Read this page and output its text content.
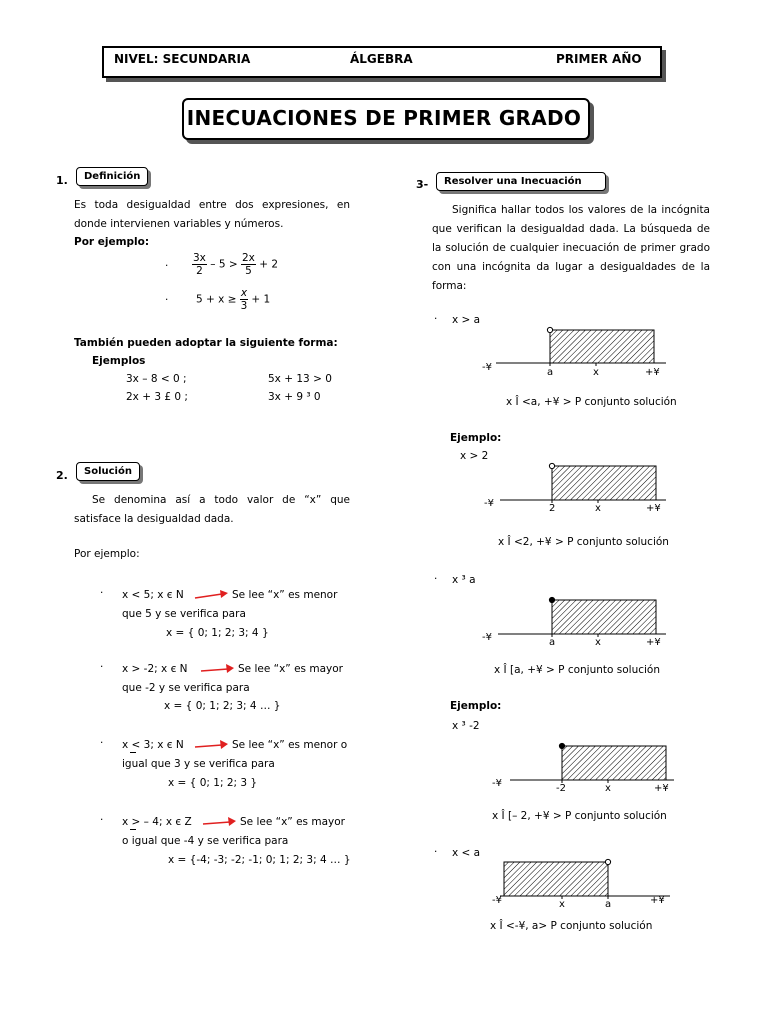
NIVEL: SECUNDARIA	ÁLGEBRA	PRIMER AÑO
INECUACIONES DE PRIMER GRADO
1.	Definición
Es toda desigualdad entre dos expresiones, en donde intervienen variables y números.
Por ejemplo:
· $\frac{3x}{2} - 5 > \frac{2x}{5} + 2$
·	$5 + x \ge \frac{x}{3} + 1$
También pueden adoptar la siguiente forma:
Ejemplos
3x – 8 < 0 ;	5x + 13 > 0
2x + 3 £ 0 ;	3x + 9 ³ 0
2.	Solución
Se denomina así a todo valor de “x” que satisface la desigualdad dada.
Por ejemplo:
· x < 5; x є N	Se lee “x” es menor
que 5 y se verifica para
x = { 0; 1; 2; 3; 4 }
· x > -2; x є N	Se lee “x” es mayor
que -2 y se verifica para
x = { 0; 1; 2; 3; 4 … }
· x < 3; x є N	Se lee “x” es menor o
igual que 3 y se verifica para
x = { 0; 1; 2; 3 }
· x > – 4; x є Z	Se lee “x” es mayor
o igual que -4 y se verifica para
x = {-4; -3; -2; -1; 0; 1; 2; 3; 4 … }
3-	Resolver una Inecuación
Significa hallar todos los valores de la incógnita que verifican la desigualdad dada. La búsqueda de la solución de cualquier inecuación de primer grado con una incógnita da lugar a desigualdades de la forma:
· x > a
-¥	a	x	+¥
x Î <a, +¥ > P conjunto solución
Ejemplo:
x > 2
-¥	2	x	+¥
x Î <2, +¥ > P conjunto solución
· x ³ a
-¥	a	x	+¥
x Î [a, +¥ > P conjunto solución
Ejemplo:
x ³ -2
-¥	-2	x	+¥
x Î [– 2, +¥ > P conjunto solución
· x < a
-¥	x	a	+¥
x Î <-¥, a> P conjunto solución
